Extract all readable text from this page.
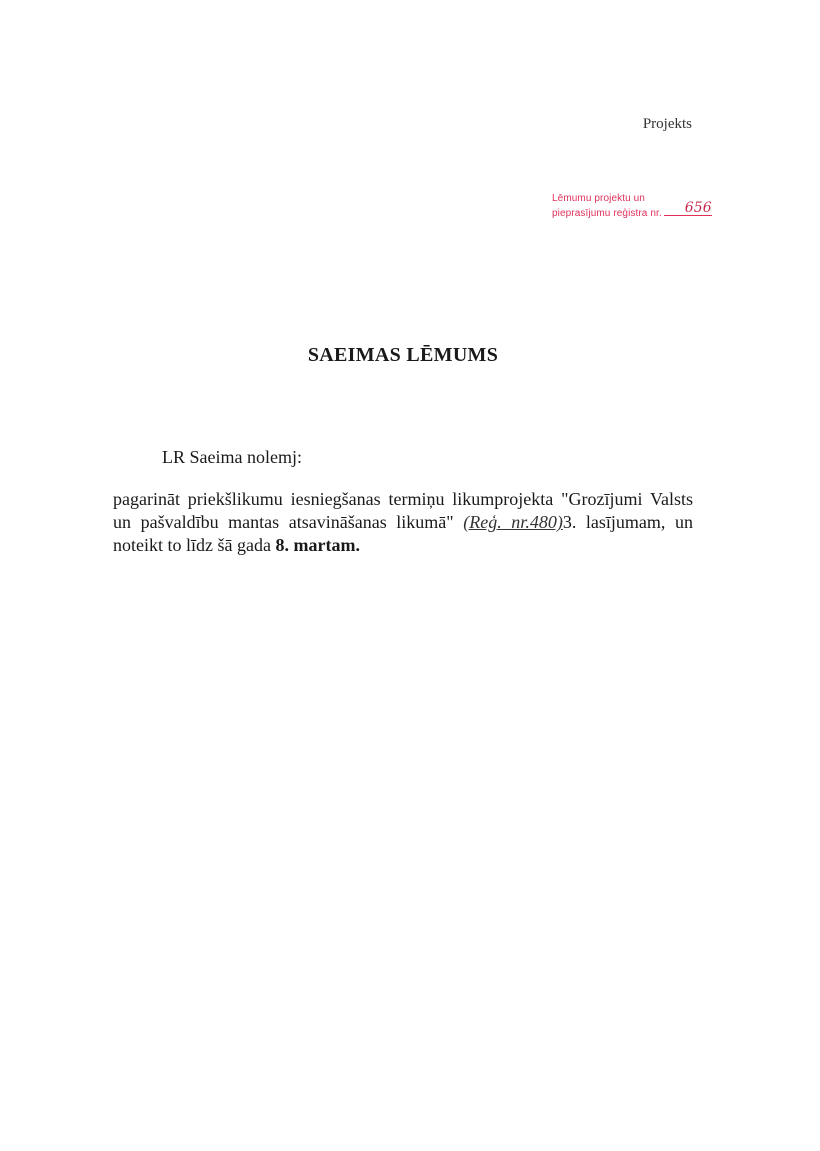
Projekts
Lēmumu projektu un
pieprasījumu reģistra nr.	656
SAEIMAS LĒMUMS
LR Saeima nolemj:
pagarināt priekšlikumu iesniegšanas termiņu likumprojekta "Grozījumi Valsts un pašvaldību mantas atsavināšanas likumā" (Reģ. nr.480)3. lasījumam, un noteikt to līdz šā gada 8. martam.
